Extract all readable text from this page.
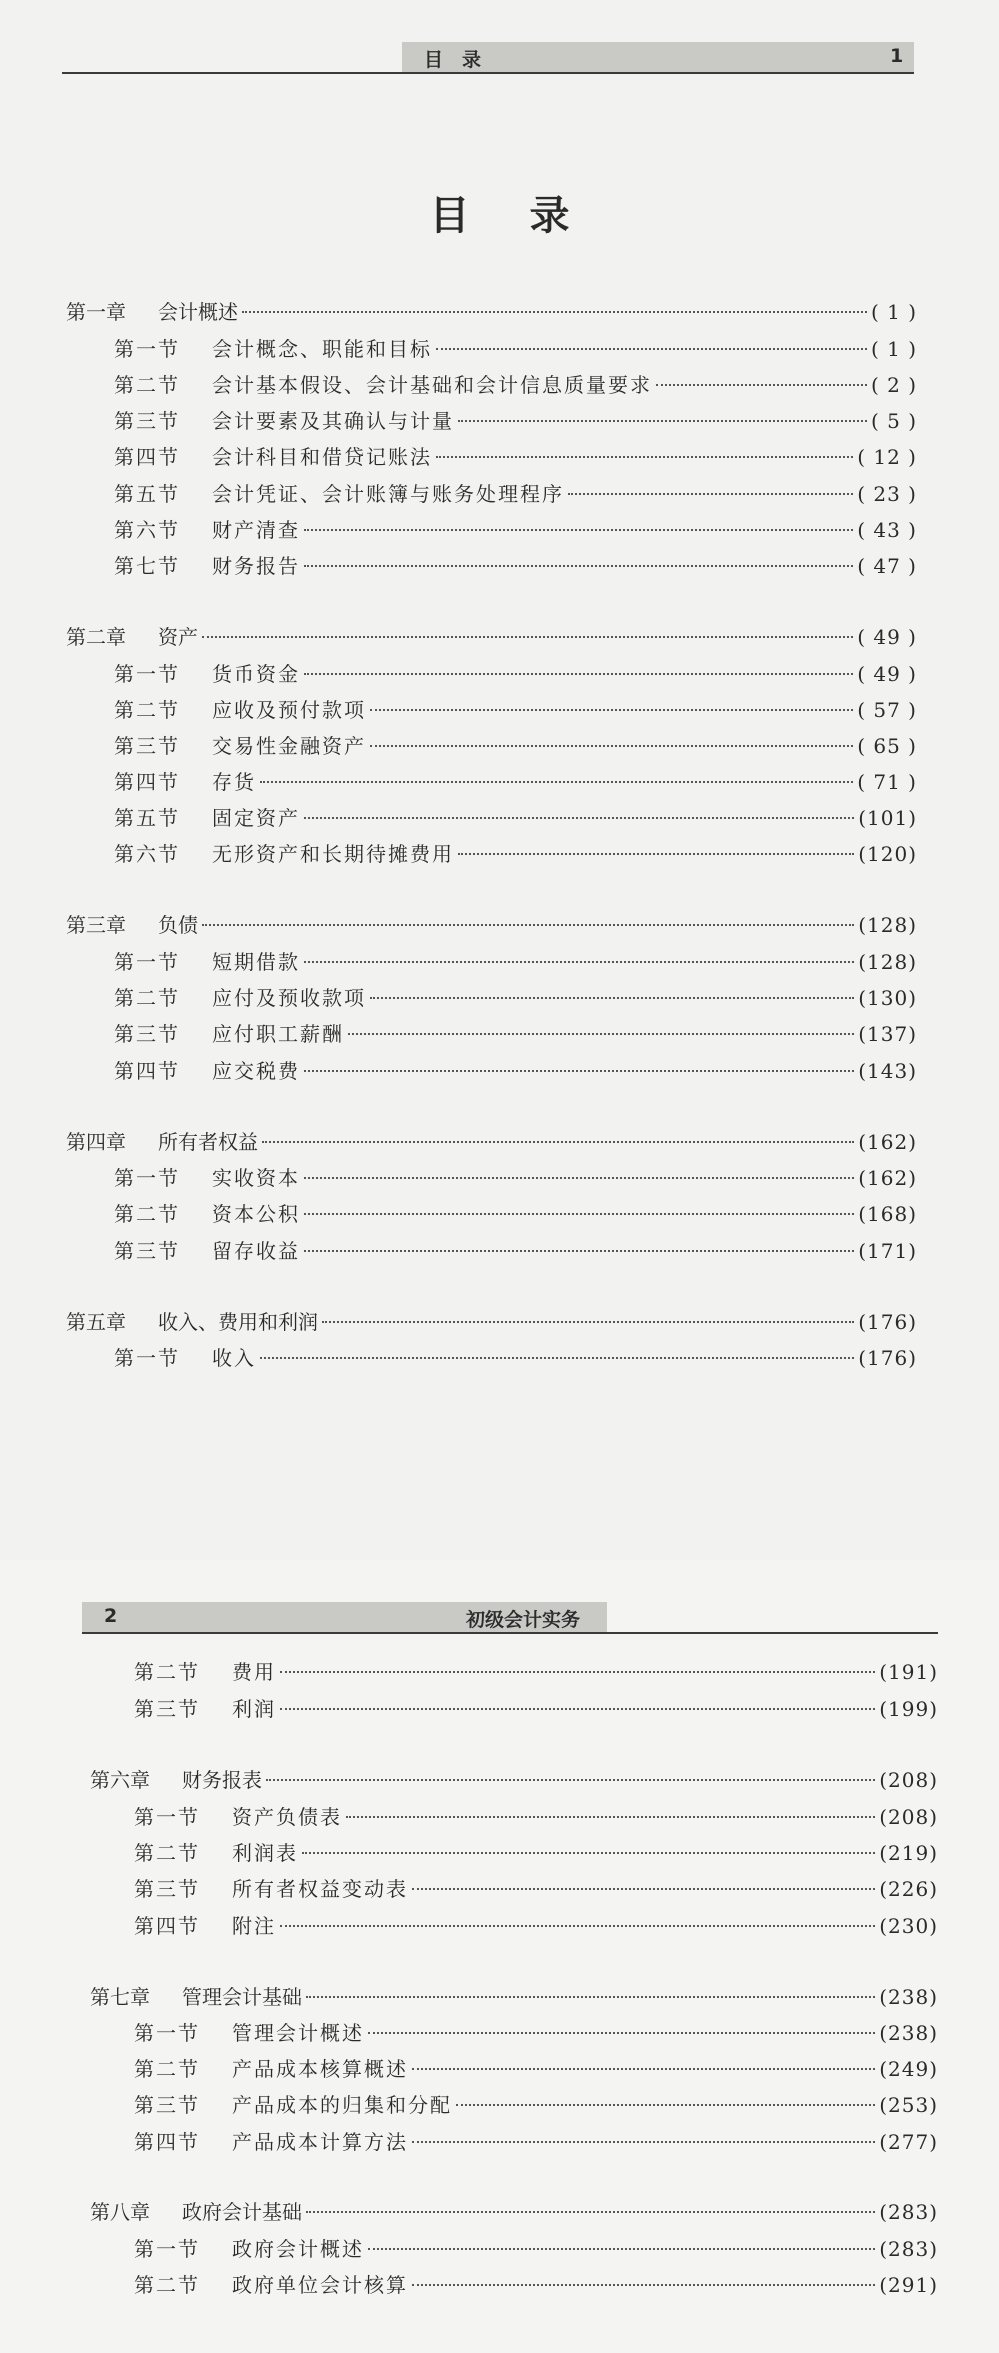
目　录	1
目录
第一章	会计概述	( 1 )
第一节	会计概念、职能和目标	( 1 )
第二节	会计基本假设、会计基础和会计信息质量要求	( 2 )
第三节	会计要素及其确认与计量	( 5 )
第四节	会计科目和借贷记账法	( 12 )
第五节	会计凭证、会计账簿与账务处理程序	( 23 )
第六节	财产清查	( 43 )
第七节	财务报告	( 47 )
第二章	资产	( 49 )
第一节	货币资金	( 49 )
第二节	应收及预付款项	( 57 )
第三节	交易性金融资产	( 65 )
第四节	存货	( 71 )
第五节	固定资产	(101)
第六节	无形资产和长期待摊费用	(120)
第三章	负债	(128)
第一节	短期借款	(128)
第二节	应付及预收款项	(130)
第三节	应付职工薪酬	(137)
第四节	应交税费	(143)
第四章	所有者权益	(162)
第一节	实收资本	(162)
第二节	资本公积	(168)
第三节	留存收益	(171)
第五章	收入、费用和利润	(176)
第一节	收入	(176)
2	初级会计实务
第二节	费用	(191)
第三节	利润	(199)
第六章	财务报表	(208)
第一节	资产负债表	(208)
第二节	利润表	(219)
第三节	所有者权益变动表	(226)
第四节	附注	(230)
第七章	管理会计基础	(238)
第一节	管理会计概述	(238)
第二节	产品成本核算概述	(249)
第三节	产品成本的归集和分配	(253)
第四节	产品成本计算方法	(277)
第八章	政府会计基础	(283)
第一节	政府会计概述	(283)
第二节	政府单位会计核算	(291)
